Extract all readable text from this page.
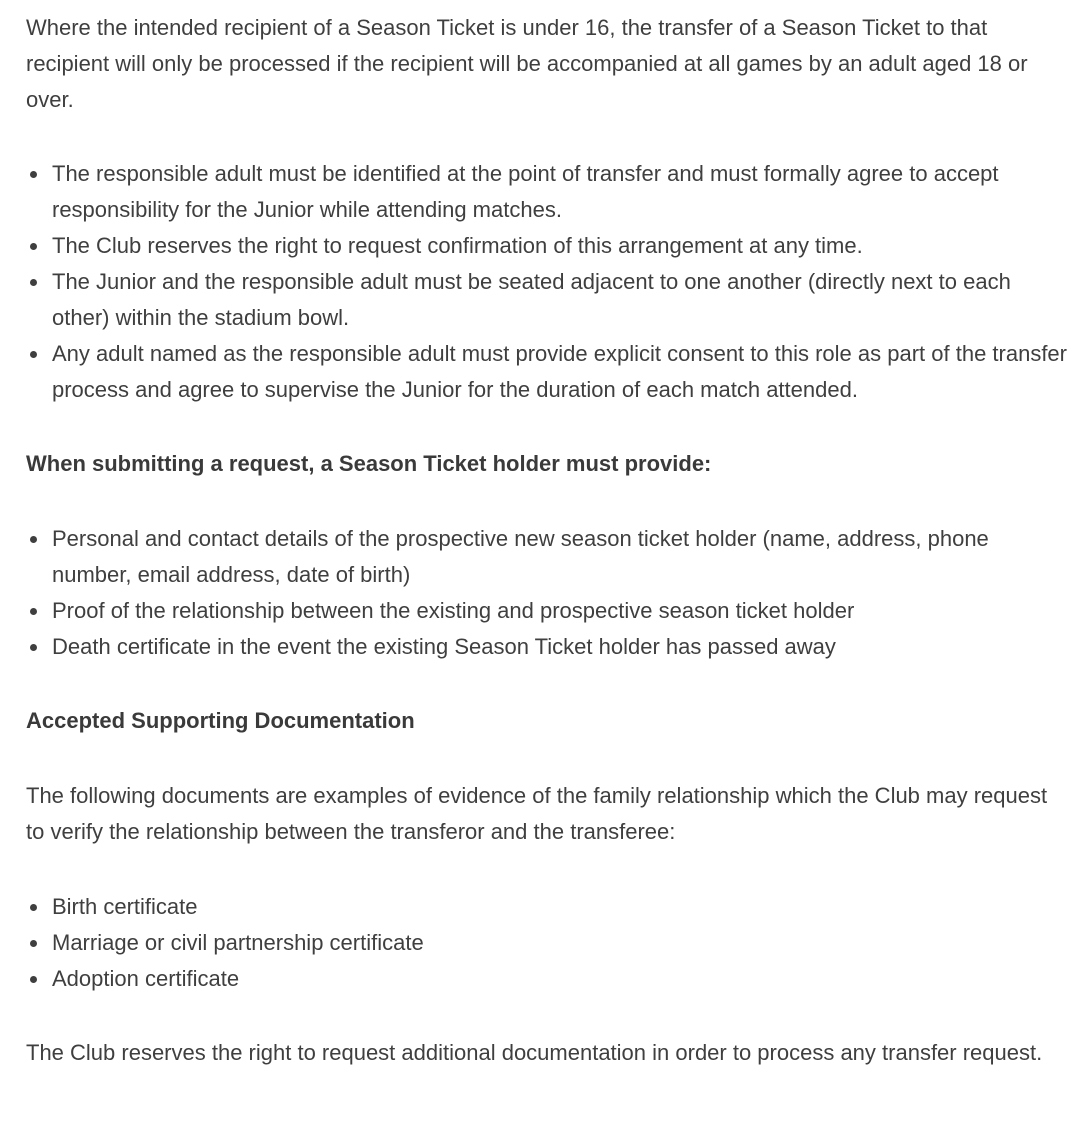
Where the intended recipient of a Season Ticket is under 16, the transfer of a Season Ticket to that recipient will only be processed if the recipient will be accompanied at all games by an adult aged 18 or over.

The responsible adult must be identified at the point of transfer and must formally agree to accept responsibility for the Junior while attending matches.
The Club reserves the right to request confirmation of this arrangement at any time.
The Junior and the responsible adult must be seated adjacent to one another (directly next to each other) within the stadium bowl.
Any adult named as the responsible adult must provide explicit consent to this role as part of the transfer process and agree to supervise the Junior for the duration of each match attended.
When submitting a request, a Season Ticket holder must provide:
Personal and contact details of the prospective new season ticket holder (name, address, phone number, email address, date of birth)
Proof of the relationship between the existing and prospective season ticket holder
Death certificate in the event the existing Season Ticket holder has passed away
Accepted Supporting Documentation

The following documents are examples of evidence of the family relationship which the Club may request to verify the relationship between the transferor and the transferee:

Birth certificate
Marriage or civil partnership certificate
Adoption certificate

The Club reserves the right to request additional documentation in order to process any transfer request.
